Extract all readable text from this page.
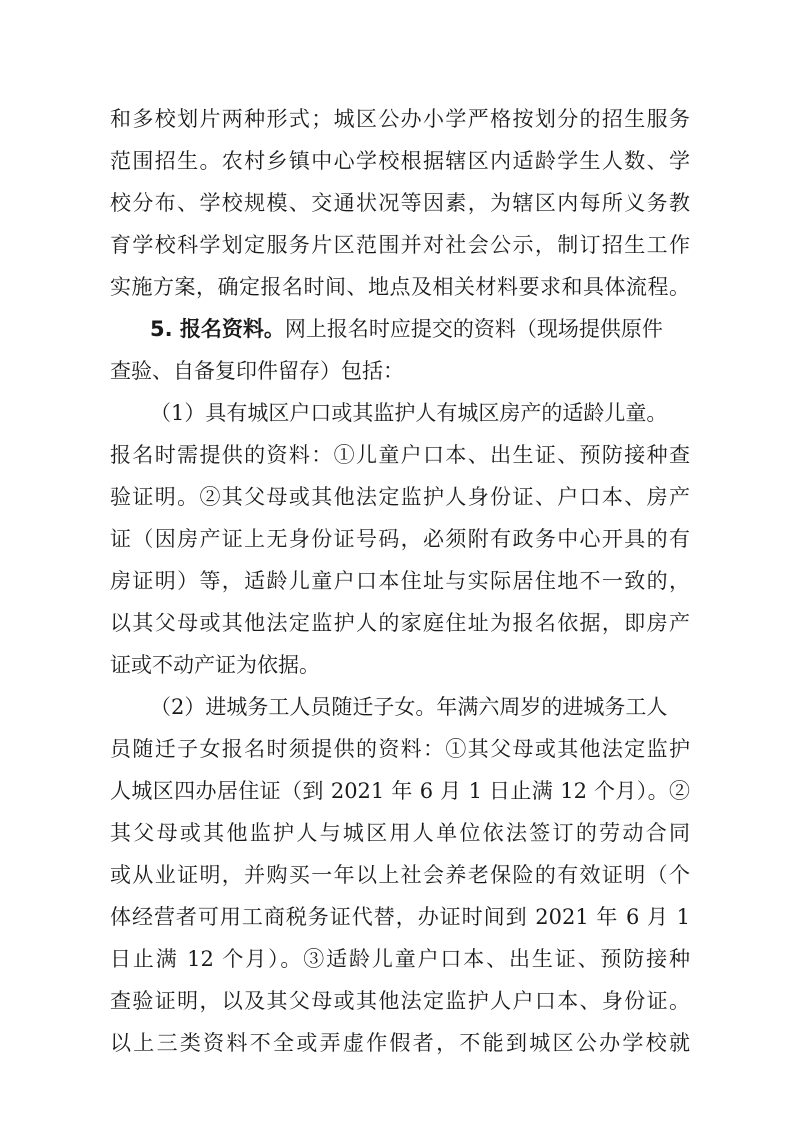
和多校划片两种形式；城区公办小学严格按划分的招生服务
范围招生。农村乡镇中心学校根据辖区内适龄学生人数、学
校分布、学校规模、交通状况等因素，为辖区内每所义务教
育学校科学划定服务片区范围并对社会公示，制订招生工作
实施方案，确定报名时间、地点及相关材料要求和具体流程。
5. 报名资料。网上报名时应提交的资料（现场提供原件
查验、自备复印件留存）包括：
（1）具有城区户口或其监护人有城区房产的适龄儿童。
报名时需提供的资料：①儿童户口本、出生证、预防接种查
验证明。②其父母或其他法定监护人身份证、户口本、房产
证（因房产证上无身份证号码，必须附有政务中心开具的有
房证明）等，适龄儿童户口本住址与实际居住地不一致的，
以其父母或其他法定监护人的家庭住址为报名依据，即房产
证或不动产证为依据。
（2）进城务工人员随迁子女。年满六周岁的进城务工人
员随迁子女报名时须提供的资料：①其父母或其他法定监护
人城区四办居住证（到 2021 年 6 月 1 日止满 12 个月）。②
其父母或其他监护人与城区用人单位依法签订的劳动合同
或从业证明，并购买一年以上社会养老保险的有效证明（个
体经营者可用工商税务证代替，办证时间到 2021 年 6 月 1
日止满 12 个月）。③适龄儿童户口本、出生证、预防接种
查验证明，以及其父母或其他法定监护人户口本、身份证。
以上三类资料不全或弄虚作假者，不能到城区公办学校就
